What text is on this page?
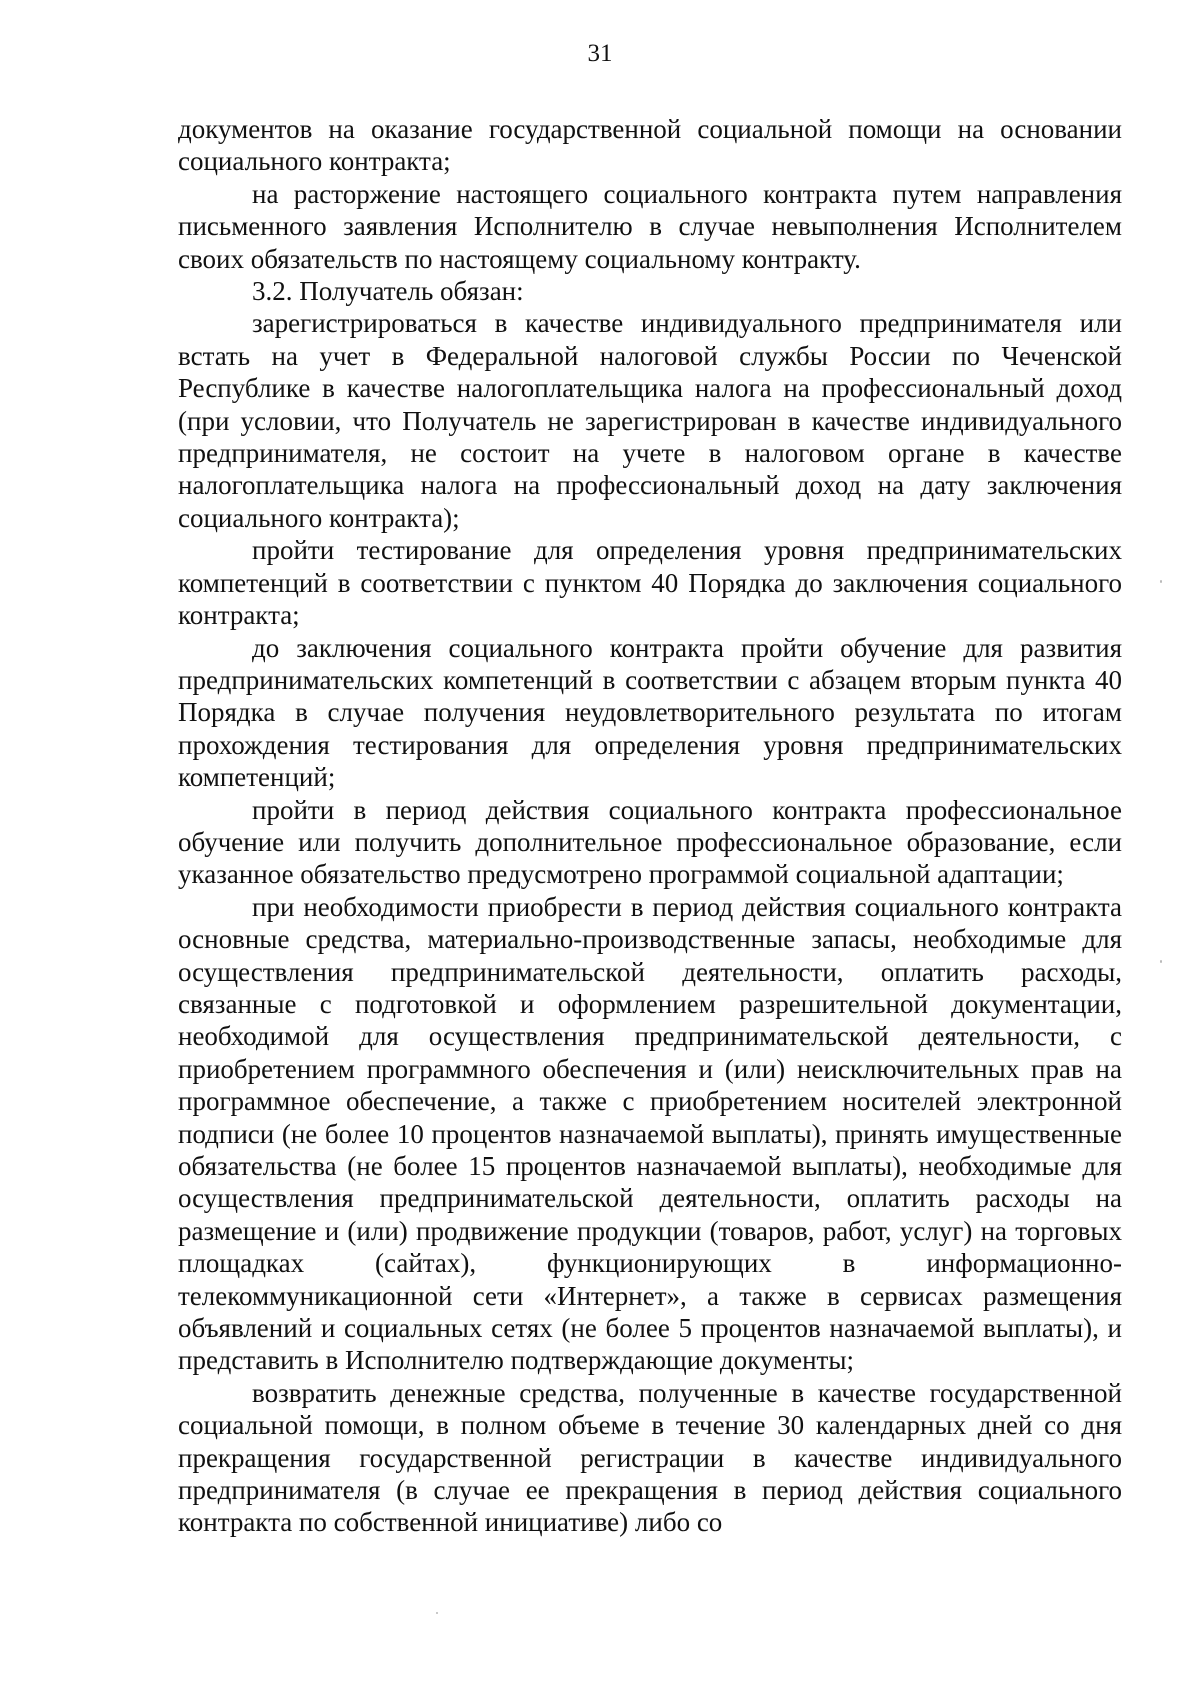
31

документов на оказание государственной социальной помощи на основании социального контракта;

на расторжение настоящего социального контракта путем направления письменного заявления Исполнителю в случае невыполнения Исполнителем своих обязательств по настоящему социальному контракту.

3.2. Получатель обязан:

зарегистрироваться в качестве индивидуального предпринимателя или встать на учет в Федеральной налоговой службы России по Чеченской Республике в качестве налогоплательщика налога на профессиональный доход (при условии, что Получатель не зарегистрирован в качестве индивидуального предпринимателя, не состоит на учете в налоговом органе в качестве налогоплательщика налога на профессиональный доход на дату заключения социального контракта);

пройти тестирование для определения уровня предпринимательских компетенций в соответствии с пунктом 40 Порядка до заключения социального контракта;

до заключения социального контракта пройти обучение для развития предпринимательских компетенций в соответствии с абзацем вторым пункта 40 Порядка в случае получения неудовлетворительного результата по итогам прохождения тестирования для определения уровня предпринимательских компетенций;

пройти в период действия социального контракта профессиональное обучение или получить дополнительное профессиональное образование, если указанное обязательство предусмотрено программой социальной адаптации;

при необходимости приобрести в период действия социального контракта основные средства, материально-производственные запасы, необходимые для осуществления предпринимательской деятельности, оплатить расходы, связанные с подготовкой и оформлением разрешительной документации, необходимой для осуществления предпринимательской деятельности, с приобретением программного обеспечения и (или) неисключительных прав на программное обеспечение, а также с приобретением носителей электронной подписи (не более 10 процентов назначаемой выплаты), принять имущественные обязательства (не более 15 процентов назначаемой выплаты), необходимые для осуществления предпринимательской деятельности, оплатить расходы на размещение и (или) продвижение продукции (товаров, работ, услуг) на торговых площадках (сайтах), функционирующих в информационно-телекоммуникационной сети «Интернет», а также в сервисах размещения объявлений и социальных сетях (не более 5 процентов назначаемой выплаты), и представить в Исполнителю подтверждающие документы;

возвратить денежные средства, полученные в качестве государственной социальной помощи, в полном объеме в течение 30 календарных дней со дня прекращения государственной регистрации в качестве индивидуального предпринимателя (в случае ее прекращения в период действия социального контракта по собственной инициативе) либо со
